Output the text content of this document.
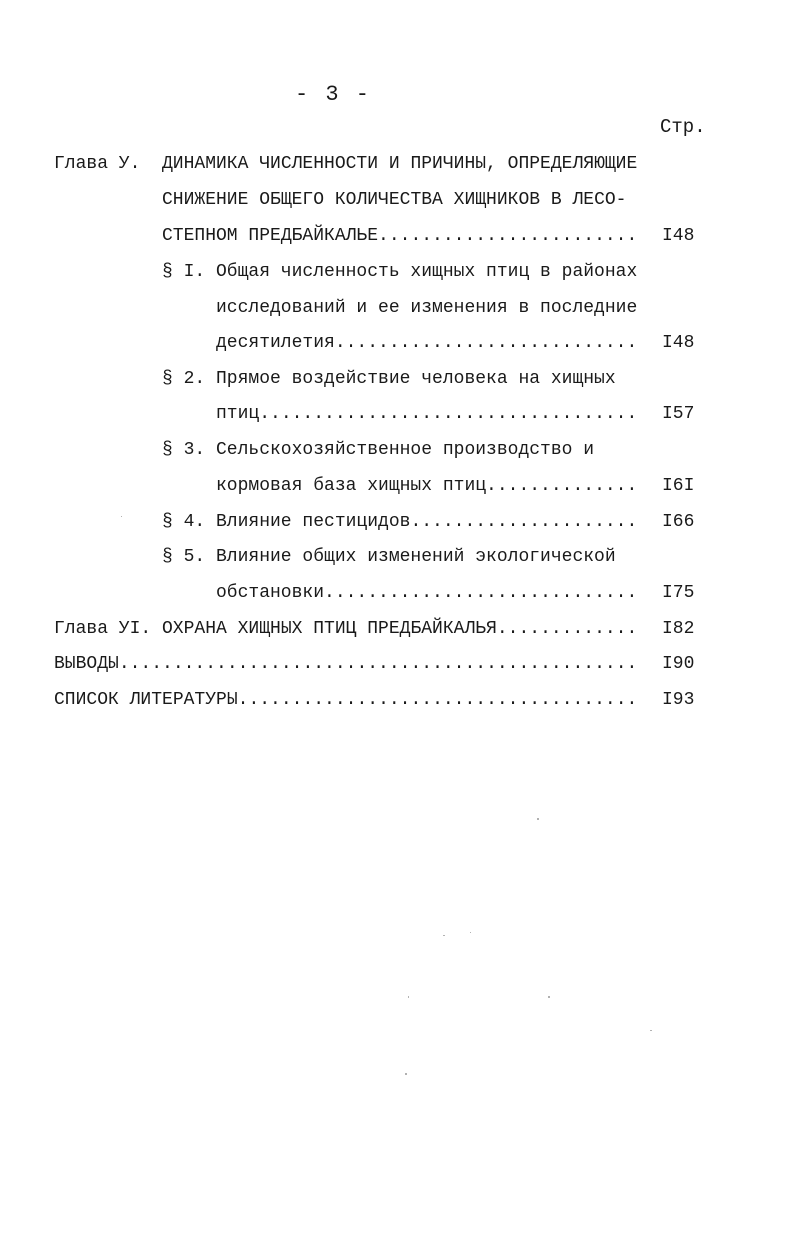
- 3 -
Стр.
Глава У. ДИНАМИКА ЧИСЛЕННОСТИ И ПРИЧИНЫ, ОПРЕДЕЛЯЮЩИЕ
СНИЖЕНИЕ ОБЩЕГО КОЛИЧЕСТВА ХИЩНИКОВ В ЛЕСО-
СТЕПНОМ ПРЕДБАЙКАЛЬЕ .....	I48
§ I. Общая численность хищных птиц в районах
исследований и ее изменения в последние
десятилетия .....	I48
§ 2. Прямое воздействие человека на хищных
птиц .....	I57
§ 3. Сельскохозяйственное производство и
кормовая база хищных птиц .....	I6I
§ 4. Влияние пестицидов .....	I66
§ 5. Влияние общих изменений экологической
обстановки .....	I75
Глава УI. ОХРАНА ХИЩНЫХ ПТИЦ ПРЕДБАЙКАЛЬЯ .....	I82
ВЫВОДЫ .....	I90
СПИСОК ЛИТЕРАТУРЫ .....	I93
